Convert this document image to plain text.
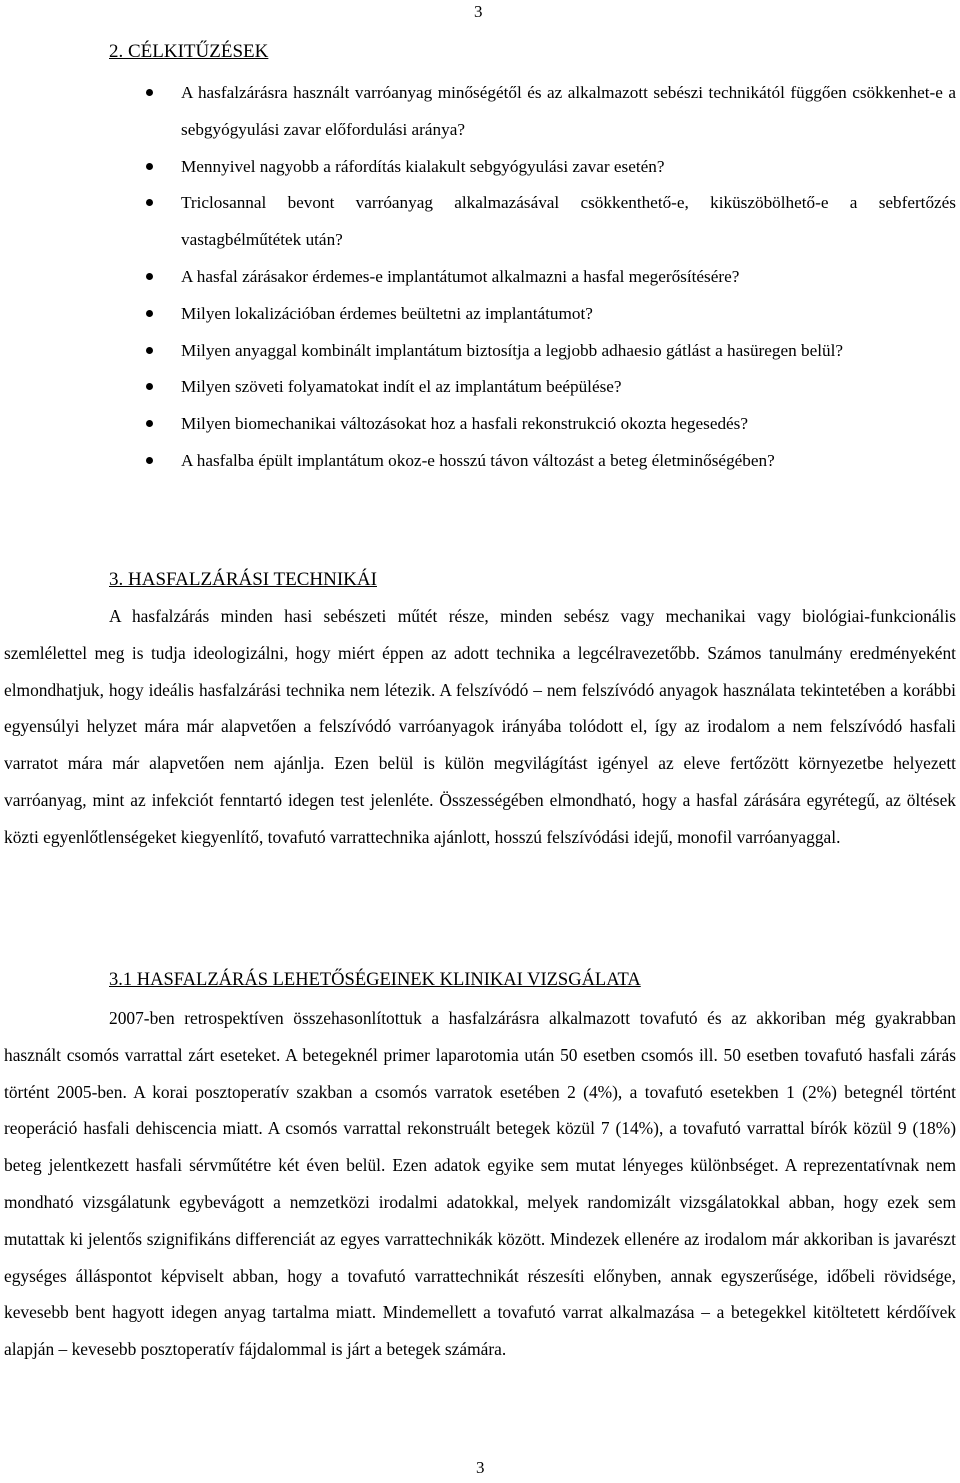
3
2. CÉLKITŰZÉSEK
A hasfalzárásra használt varróanyag minőségétől és az alkalmazott sebészi technikától függően csökkenhet-e a sebgyógyulási zavar előfordulási aránya?
Mennyivel nagyobb a ráfordítás kialakult sebgyógyulási zavar esetén?
Triclosannal bevont varróanyag alkalmazásával csökkenthető-e, kiküszöbölhető-e a sebfertőzés vastagbélműtétek után?
A hasfal zárásakor érdemes-e implantátumot alkalmazni a hasfal megerősítésére?
Milyen lokalizációban érdemes beültetni az implantátumot?
Milyen anyaggal kombinált implantátum biztosítja a legjobb adhaesio gátlást a hasüregen belül?
Milyen szöveti folyamatokat indít el az implantátum beépülése?
Milyen biomechanikai változásokat hoz a hasfali rekonstrukció okozta hegesedés?
A hasfalba épült implantátum okoz-e hosszú távon változást a beteg életminőségében?
3. HASFALZÁRÁSI TECHNIKÁI

A hasfalzárás minden hasi sebészeti műtét része, minden sebész vagy mechanikai vagy biológiai-funkcionális szemlélettel meg is tudja ideologizálni, hogy miért éppen az adott technika a legcélravezetőbb. Számos tanulmány eredményeként elmondhatjuk, hogy ideális hasfalzárási technika nem létezik. A felszívódó – nem felszívódó anyagok használata tekintetében a korábbi egyensúlyi helyzet mára már alapvetően a felszívódó varróanyagok irányába tolódott el, így az irodalom a nem felszívódó hasfali varratot mára már alapvetően nem ajánlja. Ezen belül is külön megvilágítást igényel az eleve fertőzött környezetbe helyezett varróanyag, mint az infekciót fenntartó idegen test jelenléte. Összességében elmondható, hogy a hasfal zárására egyrétegű, az öltések közti egyenlőtlenségeket kiegyenlítő, tovafutó varrattechnika ajánlott, hosszú felszívódási idejű, monofil varróanyaggal.

3.1 HASFALZÁRÁS LEHETŐSÉGEINEK KLINIKAI VIZSGÁLATA

2007-ben retrospektíven összehasonlítottuk a hasfalzárásra alkalmazott tovafutó és az akkoriban még gyakrabban használt csomós varrattal zárt eseteket. A betegeknél primer laparotomia után 50 esetben csomós ill. 50 esetben tovafutó hasfali zárás történt 2005-ben. A korai posztoperatív szakban a csomós varratok esetében 2 (4%), a tovafutó esetekben 1 (2%) betegnél történt reoperáció hasfali dehiscencia miatt. A csomós varrattal rekonstruált betegek közül 7 (14%), a tovafutó varrattal bírók közül 9 (18%) beteg jelentkezett hasfali sérvműtétre két éven belül. Ezen adatok egyike sem mutat lényeges különbséget. A reprezentatívnak nem mondható vizsgálatunk egybevágott a nemzetközi irodalmi adatokkal, melyek randomizált vizsgálatokkal abban, hogy ezek sem mutattak ki jelentős szignifikáns differenciát az egyes varrattechnikák között. Mindezek ellenére az irodalom már akkoriban is javarészt egységes álláspontot képviselt abban, hogy a tovafutó varrattechnikát részesíti előnyben, annak egyszerűsége, időbeli rövidsége, kevesebb bent hagyott idegen anyag tartalma miatt. Mindemellett a tovafutó varrat alkalmazása – a betegekkel kitöltetett kérdőívek alapján – kevesebb posztoperatív fájdalommal is járt a betegek számára.

3
